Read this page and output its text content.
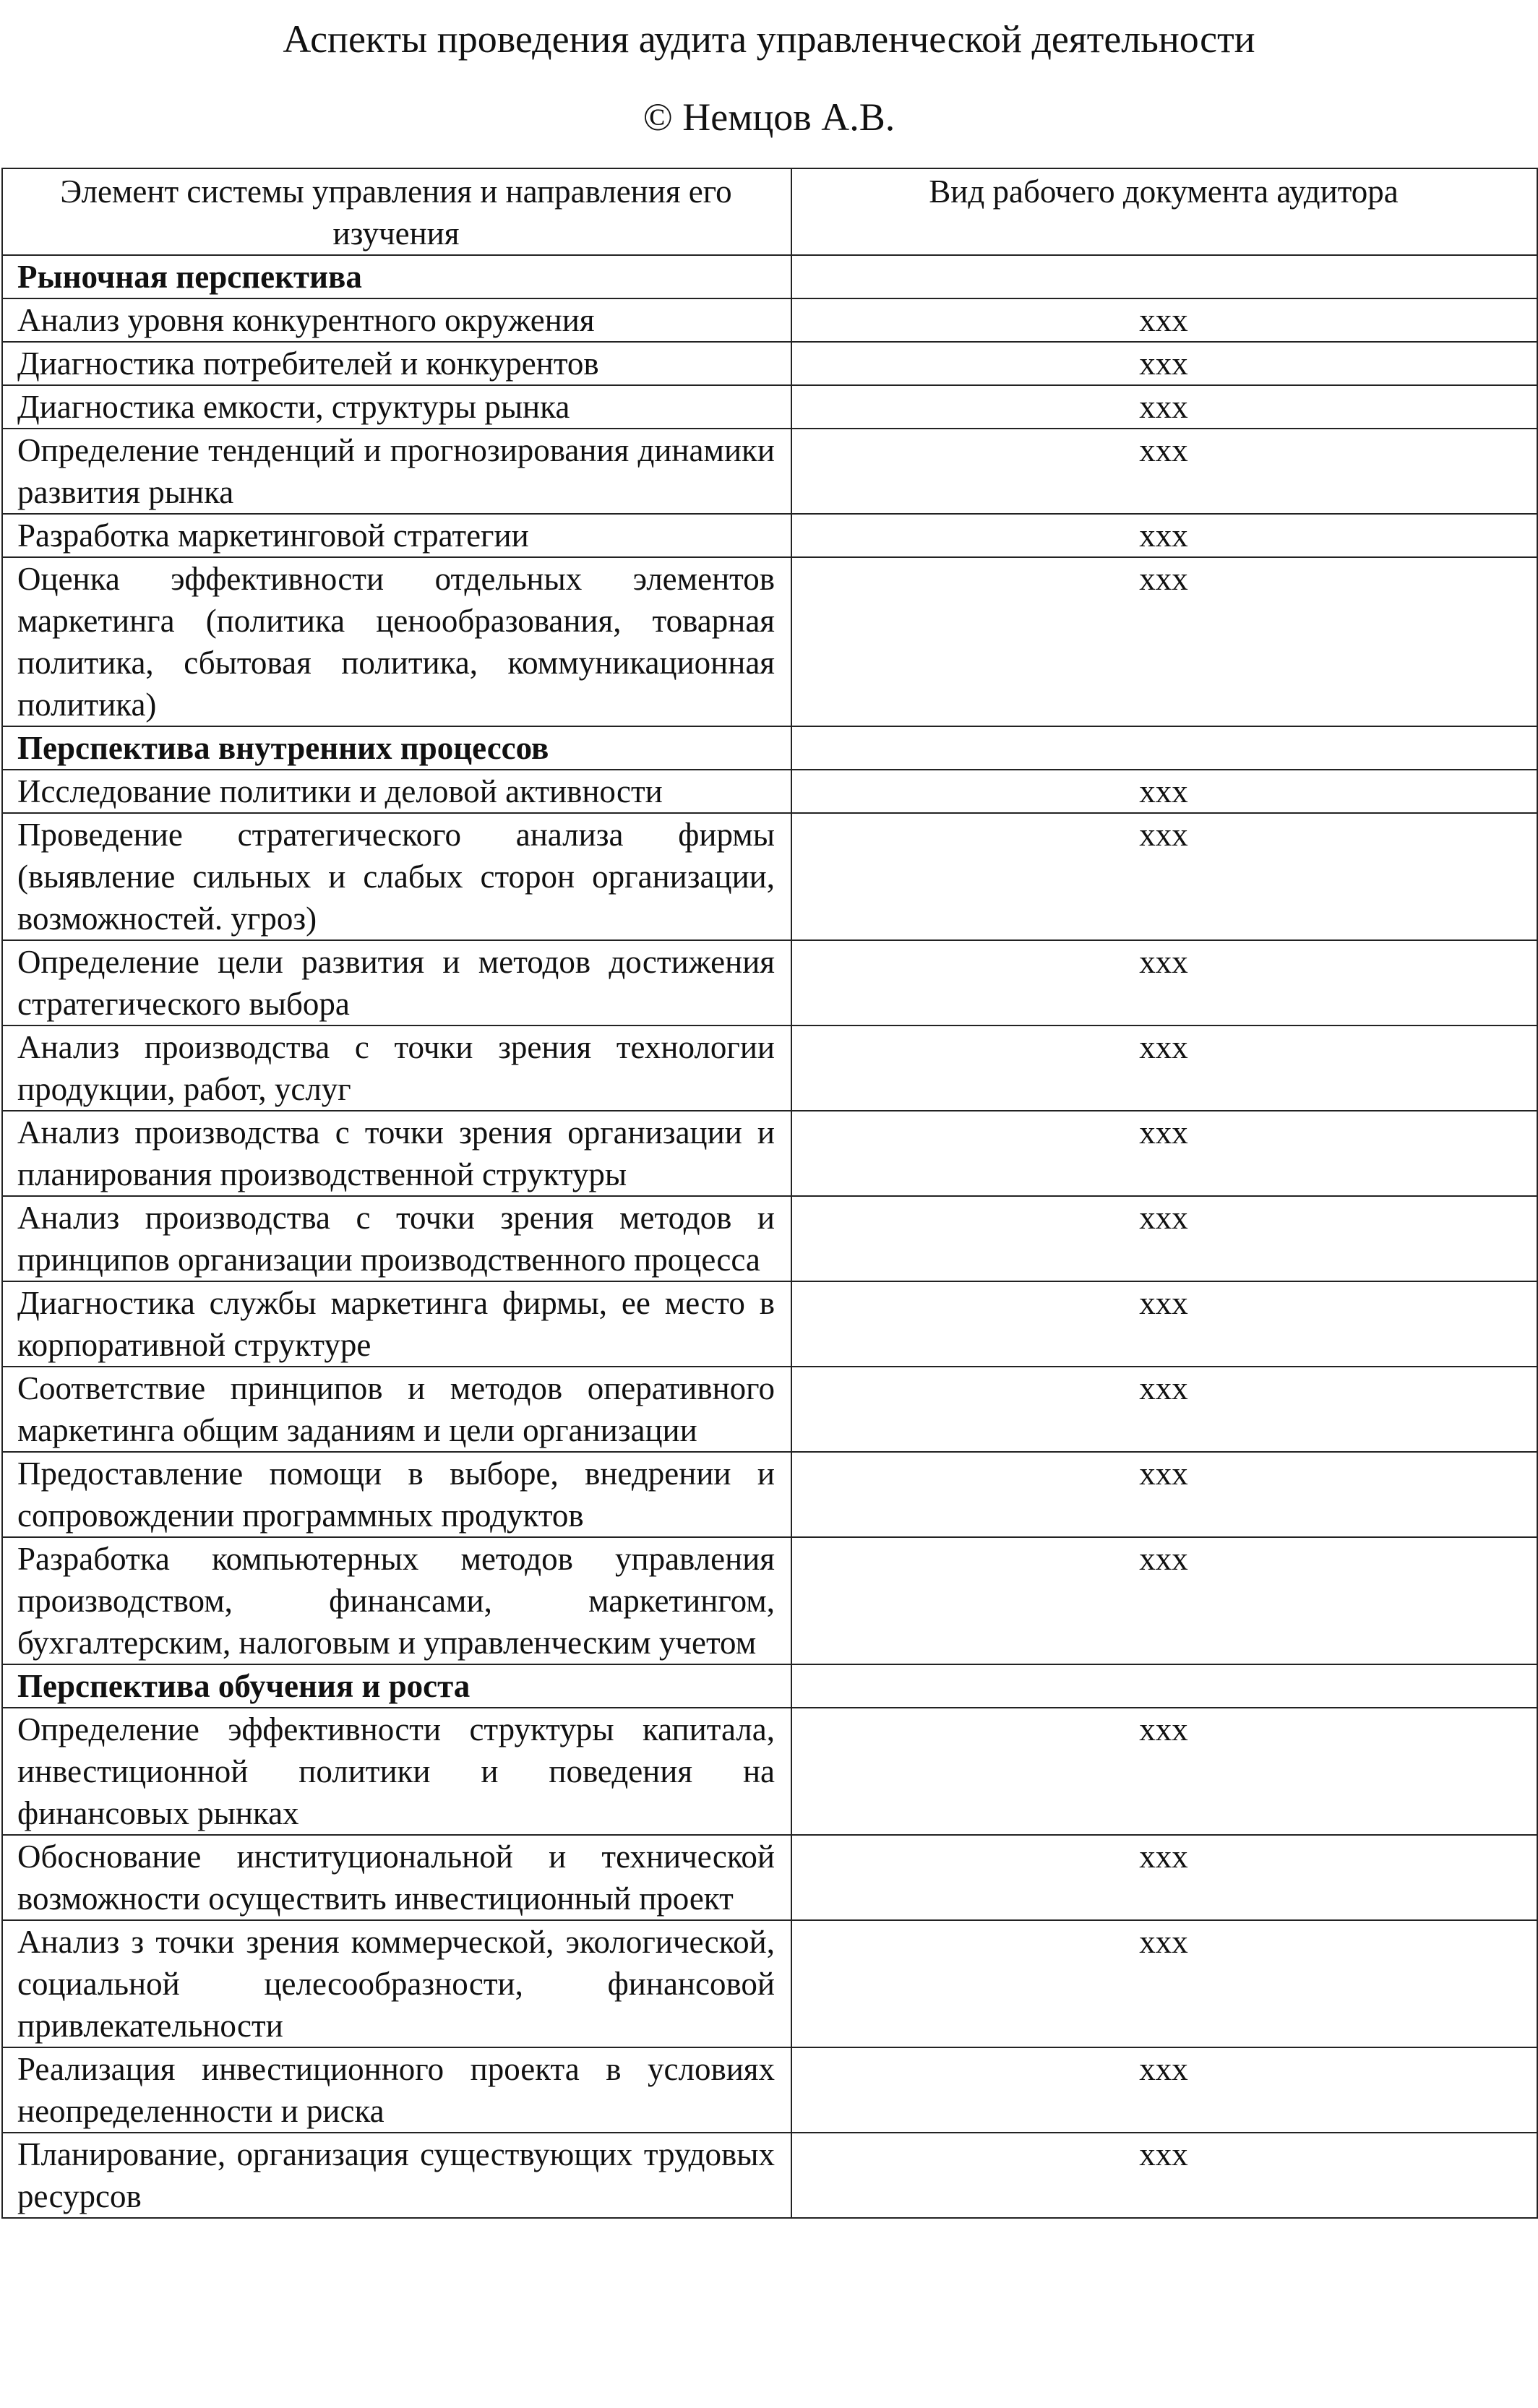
Аспекты проведения аудита управленческой деятельности
© Немцов А.В.
Элемент системы управления и направления его изучения	Вид рабочего документа аудитора
Рыночная перспектива	
Анализ уровня конкурентного окружения	ххх
Диагностика потребителей и конкурентов	ххх
Диагностика емкости, структуры рынка	ххх
Определение тенденций и прогнозирования динамики развития рынка	ххх
Разработка маркетинговой стратегии	ххх
Оценка эффективности отдельных элементов маркетинга (политика ценообразования, товарная политика, сбытовая политика, коммуникационная политика)	ххх
Перспектива внутренних процессов	
Исследование политики и деловой активности	ххх
Проведение стратегического анализа фирмы (выявление сильных и слабых сторон организации, возможностей. угроз)	ххх
Определение цели развития и методов достижения стратегического выбора	ххх
Анализ производства с точки зрения технологии продукции, работ, услуг	ххх
Анализ производства с точки зрения организации и планирования производственной структуры	ххх
Анализ производства с точки зрения методов и принципов организации производственного процесса	ххх
Диагностика службы маркетинга фирмы, ее место в корпоративной структуре	ххх
Соответствие принципов и методов оперативного маркетинга общим заданиям и цели организации	ххх
Предоставление помощи в выборе, внедрении и сопровождении программных продуктов	ххх
Разработка компьютерных методов управления производством, финансами, маркетингом, бухгалтерским, налоговым и управленческим учетом	ххх
Перспектива обучения и роста	
Определение эффективности структуры капитала, инвестиционной политики и поведения на финансовых рынках	ххх
Обоснование институциональной и технической возможности осуществить инвестиционный проект	ххх
Анализ з точки зрения коммерческой, экологической, социальной целесообразности, финансовой привлекательности	ххх
Реализация инвестиционного проекта в условиях неопределенности и риска	ххх
Планирование, организация существующих трудовых ресурсов	ххх
